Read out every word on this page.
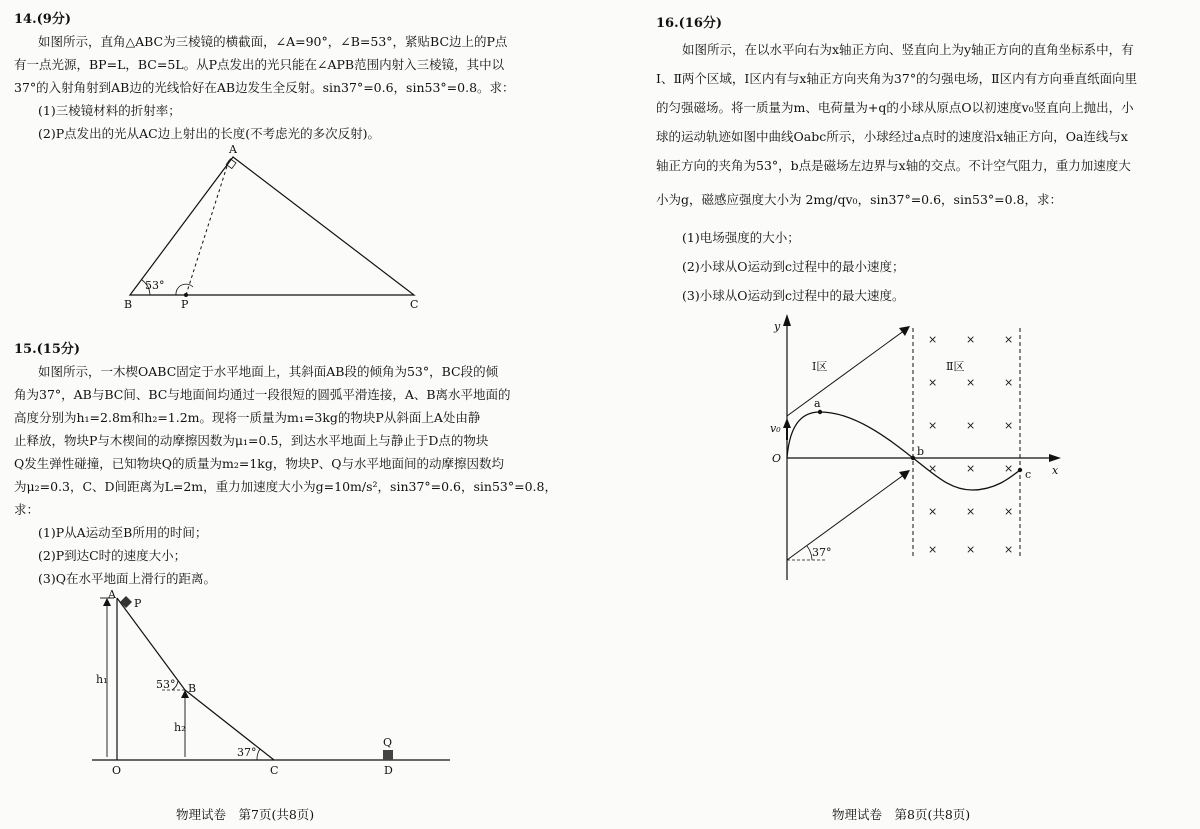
14.(9分)
如图所示，直角△ABC为三棱镜的横截面，∠A=90°，∠B=53°，紧贴BC边上的P点
有一点光源，BP=L，BC=5L。从P点发出的光只能在∠APB范围内射入三棱镜，其中以
37°的入射角射到AB边的光线恰好在AB边发生全反射。sin37°=0.6，sin53°=0.8。求：
(1)三棱镜材料的折射率；
(2)P点发出的光从AC边上射出的长度(不考虑光的多次反射)。
A
B	C
P
53°
15.(15分)
如图所示，一木楔OABC固定于水平地面上，其斜面AB段的倾角为53°，BC段的倾
角为37°，AB与BC间、BC与地面间均通过一段很短的圆弧平滑连接，A、B离水平地面的
高度分别为h₁=2.8m和h₂=1.2m。现将一质量为m₁=3kg的物块P从斜面上A处由静
止释放，物块P与木楔间的动摩擦因数为μ₁=0.5，到达水平地面上与静止于D点的物块
Q发生弹性碰撞，已知物块Q的质量为m₂=1kg，物块P、Q与水平地面间的动摩擦因数均
为μ₂=0.3，C、D间距离为L=2m，重力加速度大小为g=10m/s²，sin37°=0.6，sin53°=0.8，
求：
(1)P从A运动至B所用的时间；
(2)P到达C时的速度大小；
(3)Q在水平地面上滑行的距离。
A
P
B
53°
h₁
h₂
37°
O	C	D
Q
物理试卷　第7页(共8页)
16.(16分)
如图所示，在以水平向右为x轴正方向、竖直向上为y轴正方向的直角坐标系中，有
Ⅰ、Ⅱ两个区域，Ⅰ区内有与x轴正方向夹角为37°的匀强电场，Ⅱ区内有方向垂直纸面向里
的匀强磁场。将一质量为m、电荷量为+q的小球从原点O以初速度v₀竖直向上抛出，小
球的运动轨迹如图中曲线Oabc所示，小球经过a点时的速度沿x轴正方向，Oa连线与x
轴正方向的夹角为53°，b点是磁场左边界与x轴的交点。不计空气阻力，重力加速度大
小为g，磁感应强度大小为 2mg/qv₀，sin37°=0.6，sin53°=0.8，求：
(1)电场强度的大小；
(2)小球从O运动到c过程中的最小速度；
(3)小球从O运动到c过程中的最大速度。
y
x
O
v₀
a
b
c
Ⅰ区	Ⅱ区
37°
×	×	×
×	×	×
×	×	×
×	×	×
×	×	×
×	×	×
物理试卷　第8页(共8页)
